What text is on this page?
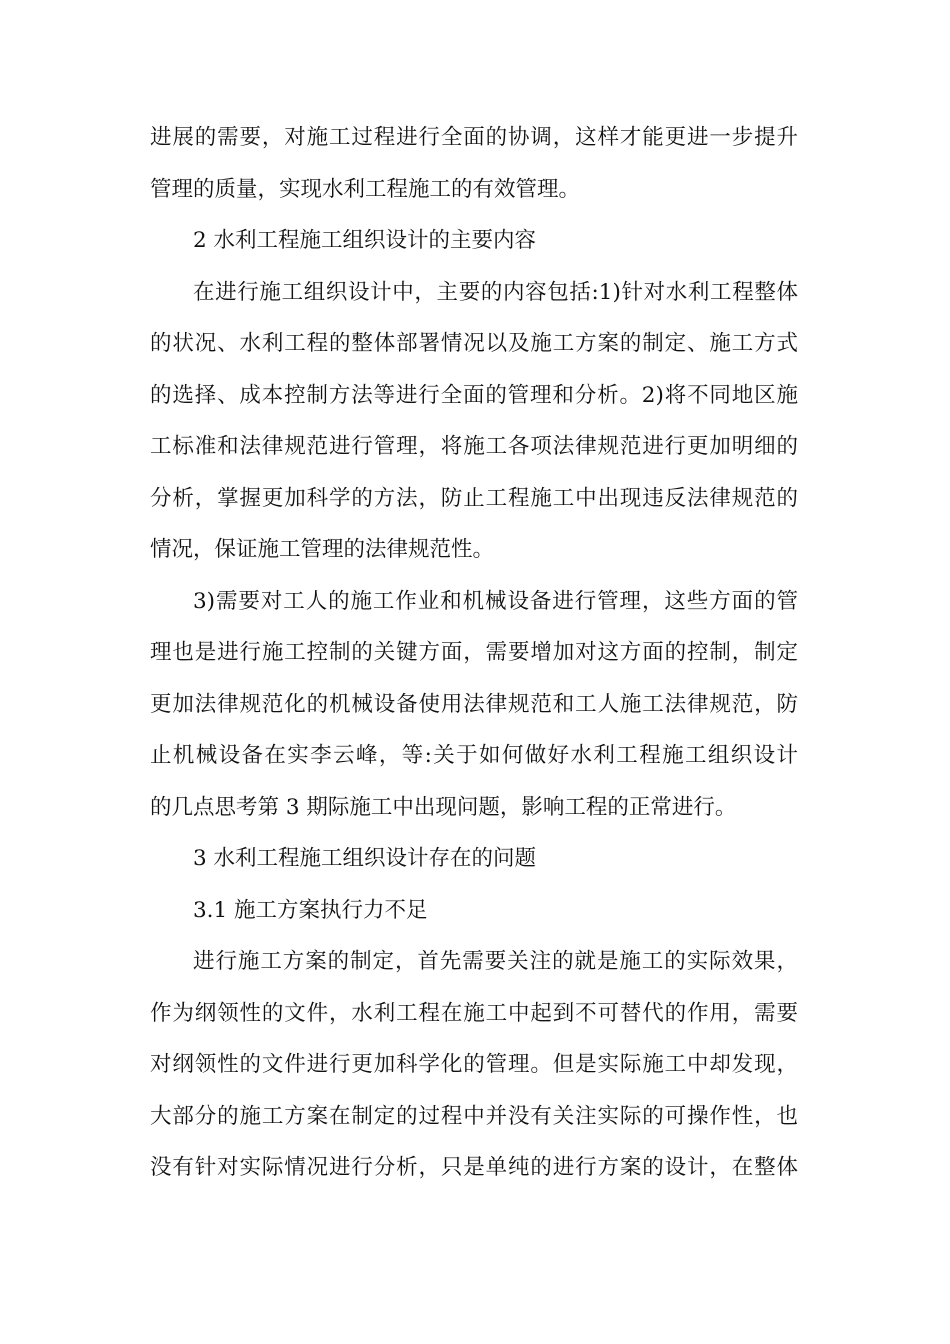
进展的需要，对施工过程进行全面的协调，这样才能更进一步提升
管理的质量，实现水利工程施工的有效管理。
2 水利工程施工组织设计的主要内容
在进行施工组织设计中，主要的内容包括:1)针对水利工程整体
的状况、水利工程的整体部署情况以及施工方案的制定、施工方式
的选择、成本控制方法等进行全面的管理和分析。2)将不同地区施
工标准和法律规范进行管理，将施工各项法律规范进行更加明细的
分析，掌握更加科学的方法，防止工程施工中出现违反法律规范的
情况，保证施工管理的法律规范性。
3)需要对工人的施工作业和机械设备进行管理，这些方面的管
理也是进行施工控制的关键方面，需要增加对这方面的控制，制定
更加法律规范化的机械设备使用法律规范和工人施工法律规范，防
止机械设备在实李云峰，等:关于如何做好水利工程施工组织设计
的几点思考第 3 期际施工中出现问题，影响工程的正常进行。
3 水利工程施工组织设计存在的问题
3.1 施工方案执行力不足
进行施工方案的制定，首先需要关注的就是施工的实际效果，
作为纲领性的文件，水利工程在施工中起到不可替代的作用，需要
对纲领性的文件进行更加科学化的管理。但是实际施工中却发现，
大部分的施工方案在制定的过程中并没有关注实际的可操作性，也
没有针对实际情况进行分析，只是单纯的进行方案的设计，在整体
